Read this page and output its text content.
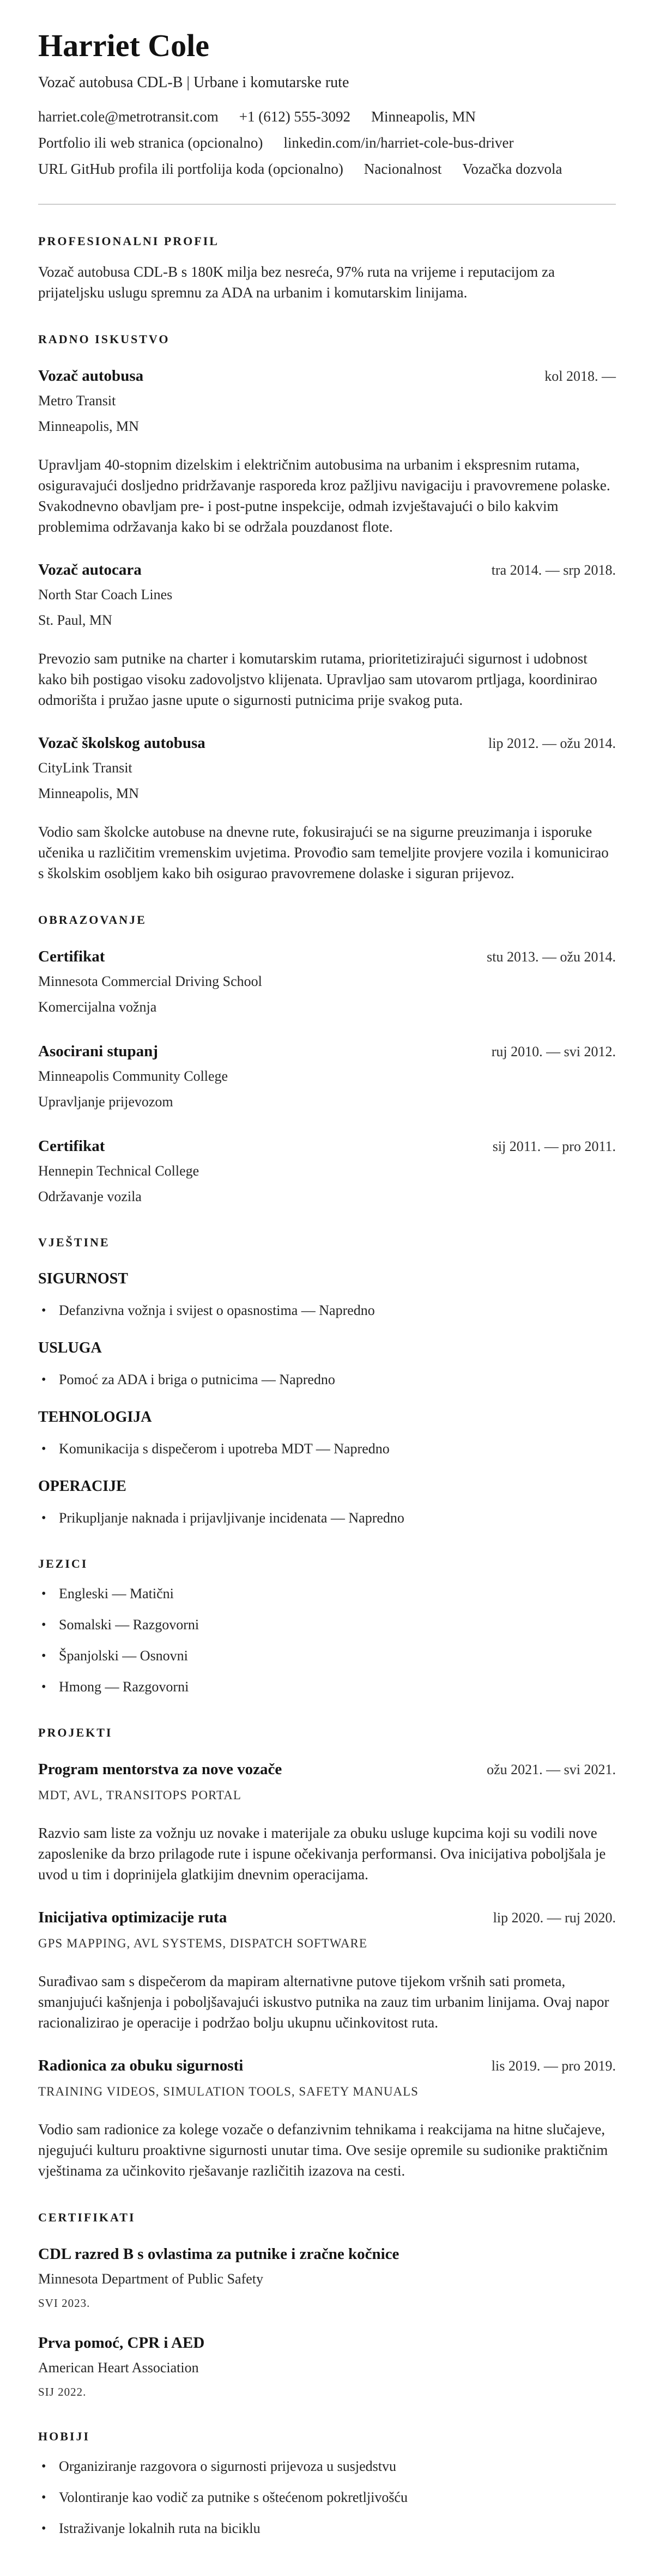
Harriet Cole
Vozač autobusa CDL-B | Urbane i komutarske rute
harriet.cole@metrotransit.com +1 (612) 555-3092 Minneapolis, MN
Portfolio ili web stranica (opcionalno) linkedin.com/in/harriet-cole-bus-driver
URL GitHub profila ili portfolija koda (opcionalno) Nacionalnost Vozačka dozvola
PROFESIONALNI PROFIL

Vozač autobusa CDL-B s 180K milja bez nesreća, 97% ruta na vrijeme i reputacijom za prijateljsku uslugu spremnu za ADA na urbanim i komutarskim linijama.

RADNO ISKUSTVO
Vozač autobusa	kol 2018. —
Metro Transit
Minneapolis, MN

Upravljam 40-stopnim dizelskim i električnim autobusima na urbanim i ekspresnim rutama, osiguravajući dosljedno pridržavanje rasporeda kroz pažljivu navigaciju i pravovremene polaske. Svakodnevno obavljam pre- i post-putne inspekcije, odmah izvještavajući o bilo kakvim problemima održavanja kako bi se održala pouzdanost flote.

Vozač autocara	tra 2014. — srp 2018.
North Star Coach Lines
St. Paul, MN

Prevozio sam putnike na charter i komutarskim rutama, prioritetizirajući sigurnost i udobnost kako bih postigao visoku zadovoljstvo klijenata. Upravljao sam utovarom prtljaga, koordinirao odmorišta i pružao jasne upute o sigurnosti putnicima prije svakog puta.

Vozač školskog autobusa	lip 2012. — ožu 2014.
CityLink Transit
Minneapolis, MN

Vodio sam školcke autobuse na dnevne rute, fokusirajući se na sigurne preuzimanja i isporuke učenika u različitim vremenskim uvjetima. Provođio sam temeljite provjere vozila i komunicirao s školskim osobljem kako bih osigurao pravovremene dolaske i siguran prijevoz.

OBRAZOVANJE
Certifikat	stu 2013. — ožu 2014.
Minnesota Commercial Driving School
Komercijalna vožnja
Asocirani stupanj	ruj 2010. — svi 2012.
Minneapolis Community College
Upravljanje prijevozom
Certifikat	sij 2011. — pro 2011.
Hennepin Technical College
Održavanje vozila
VJEŠTINE
SIGURNOST
• Defanzivna vožnja i svijest o opasnostima — Napredno
USLUGA
• Pomoć za ADA i briga o putnicima — Napredno
TEHNOLOGIJA
• Komunikacija s dispečerom i upotreba MDT — Napredno
OPERACIJE
• Prikupljanje naknada i prijavljivanje incidenata — Napredno
JEZICI
• Engleski — Matični
• Somalski — Razgovorni
• Španjolski — Osnovni
• Hmong — Razgovorni
PROJEKTI
Program mentorstva za nove vozače	ožu 2021. — svi 2021.
MDT, AVL, TRANSITOPS PORTAL

Razvio sam liste za vožnju uz novake i materijale za obuku usluge kupcima koji su vodili nove zaposlenike da brzo prilagode rute i ispune očekivanja performansi. Ova inicijativa poboljšala je uvod u tim i doprinijela glatkijim dnevnim operacijama.

Inicijativa optimizacije ruta	lip 2020. — ruj 2020.
GPS MAPPING, AVL SYSTEMS, DISPATCH SOFTWARE

Surađivao sam s dispečerom da mapiram alternativne putove tijekom vršnih sati prometa, smanjujući kašnjenja i poboljšavajući iskustvo putnika na zauz tim urbanim linijama. Ovaj napor racionalizirao je operacije i podržao bolju ukupnu učinkovitost ruta.

Radionica za obuku sigurnosti	lis 2019. — pro 2019.
TRAINING VIDEOS, SIMULATION TOOLS, SAFETY MANUALS

Vodio sam radionice za kolege vozače o defanzivnim tehnikama i reakcijama na hitne slučajeve, njegujući kulturu proaktivne sigurnosti unutar tima. Ove sesije opremile su sudionike praktičnim vještinama za učinkovito rješavanje različitih izazova na cesti.

CERTIFIKATI
CDL razred B s ovlastima za putnike i zračne kočnice
Minnesota Department of Public Safety
SVI 2023.
Prva pomoć, CPR i AED
American Heart Association
SIJ 2022.
HOBIJI
• Organiziranje razgovora o sigurnosti prijevoza u susjedstvu
• Volontiranje kao vodič za putnike s oštećenom pokretljivošću
• Istraživanje lokalnih ruta na biciklu
